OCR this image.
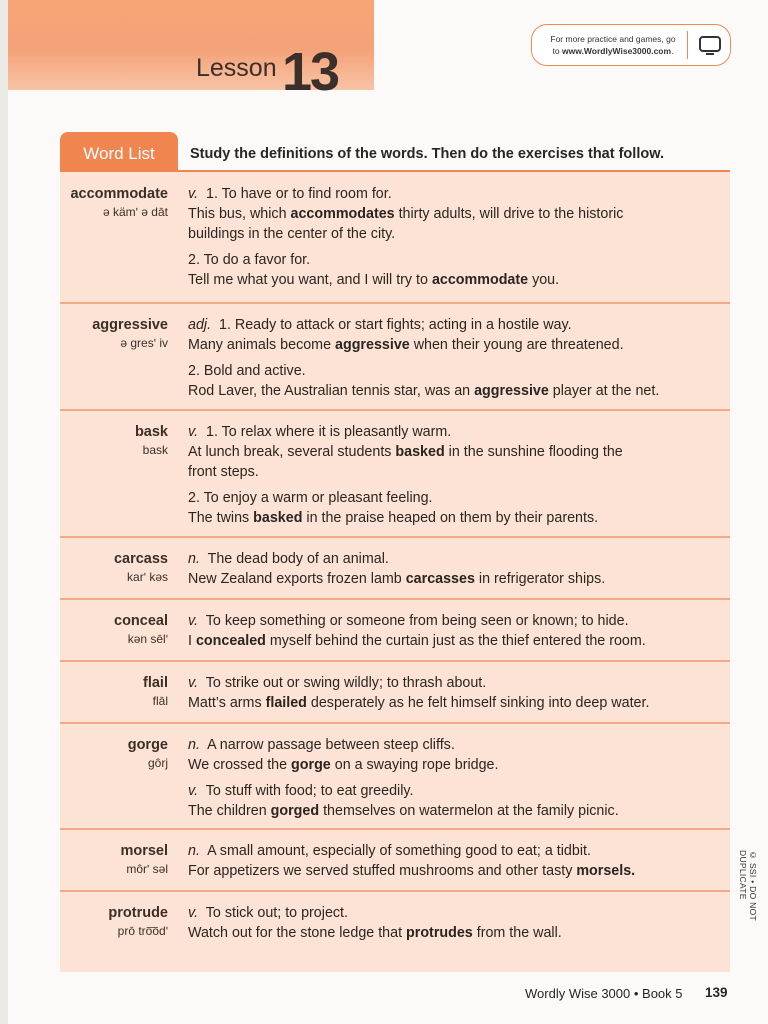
Lesson 13
For more practice and games, go
to www.WordlyWise3000.com.
Word List	Study the definitions of the words. Then do the exercises that follow.
accommodate
ə kämʹ ə dāt
v.  1. To have or to find room for.
This bus, which accommodates thirty adults, will drive to the historic
buildings in the center of the city.
2. To do a favor for.
Tell me what you want, and I will try to accommodate you.
aggressive
ə gresʹ iv
adj.  1. Ready to attack or start fights; acting in a hostile way.
Many animals become aggressive when their young are threatened.
2. Bold and active.
Rod Laver, the Australian tennis star, was an aggressive player at the net.
bask
bask
v.  1. To relax where it is pleasantly warm.
At lunch break, several students basked in the sunshine flooding the
front steps.
2. To enjoy a warm or pleasant feeling.
The twins basked in the praise heaped on them by their parents.
carcass
karʹ kəs
n.  The dead body of an animal.
New Zealand exports frozen lamb carcasses in refrigerator ships.
conceal
kən sēlʹ
v.  To keep something or someone from being seen or known; to hide.
I concealed myself behind the curtain just as the thief entered the room.
flail
flāl
v.  To strike out or swing wildly; to thrash about.
Matt’s arms flailed desperately as he felt himself sinking into deep water.
gorge
gôrj
n.  A narrow passage between steep cliffs.
We crossed the gorge on a swaying rope bridge.
v.  To stuff with food; to eat greedily.
The children gorged themselves on watermelon at the family picnic.
morsel
môrʹ səl
n.  A small amount, especially of something good to eat; a tidbit.
For appetizers we served stuffed mushrooms and other tasty morsels.
protrude
prō tro͞odʹ
v.  To stick out; to project.
Watch out for the stone ledge that protrudes from the wall.
© SSI • DO NOT DUPLICATE
Wordly Wise 3000 • Book 5 139
